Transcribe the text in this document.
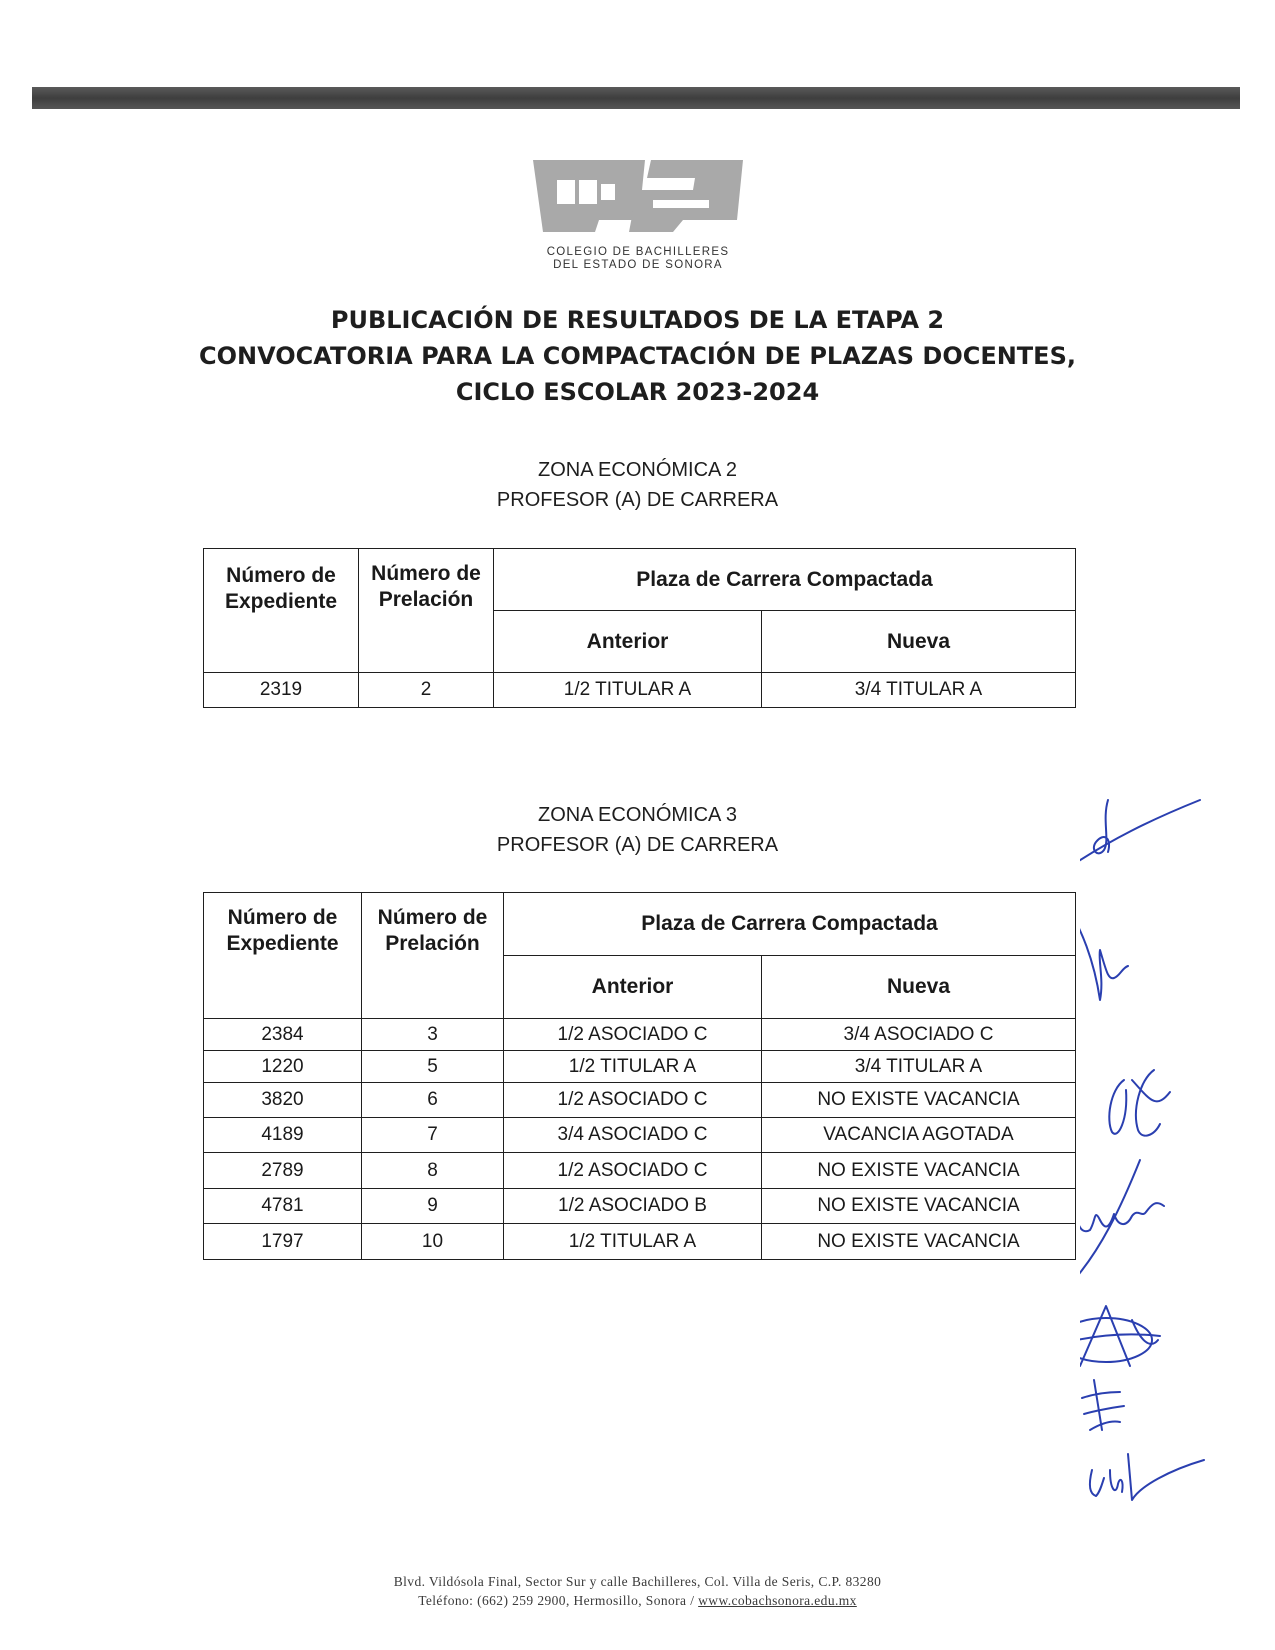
COLEGIO DE BACHILLERES
DEL ESTADO DE SONORA
PUBLICACIÓN DE RESULTADOS DE LA ETAPA 2
CONVOCATORIA PARA LA COMPACTACIÓN DE PLAZAS DOCENTES,
CICLO ESCOLAR 2023-2024
ZONA ECONÓMICA 2
PROFESOR (A) DE CARRERA
Número de Expediente	Número de Prelación	Plaza de Carrera Compactada	
		Anterior	Nueva
2319	2	1/2 TITULAR A	3/4 TITULAR A
ZONA ECONÓMICA 3
PROFESOR (A) DE CARRERA
Número de Expediente	Número de Prelación	Plaza de Carrera Compactada	
		Anterior	Nueva
2384	3	1/2 ASOCIADO C	3/4 ASOCIADO C
1220	5	1/2 TITULAR A	3/4 TITULAR A
3820	6	1/2 ASOCIADO C	NO EXISTE VACANCIA
4189	7	3/4 ASOCIADO C	VACANCIA AGOTADA
2789	8	1/2 ASOCIADO C	NO EXISTE VACANCIA
4781	9	1/2 ASOCIADO B	NO EXISTE VACANCIA
1797	10	1/2 TITULAR A	NO EXISTE VACANCIA
Blvd. Vildósola Final, Sector Sur y calle Bachilleres, Col. Villa de Seris, C.P. 83280
Teléfono: (662) 259 2900, Hermosillo, Sonora / www.cobachsonora.edu.mx
